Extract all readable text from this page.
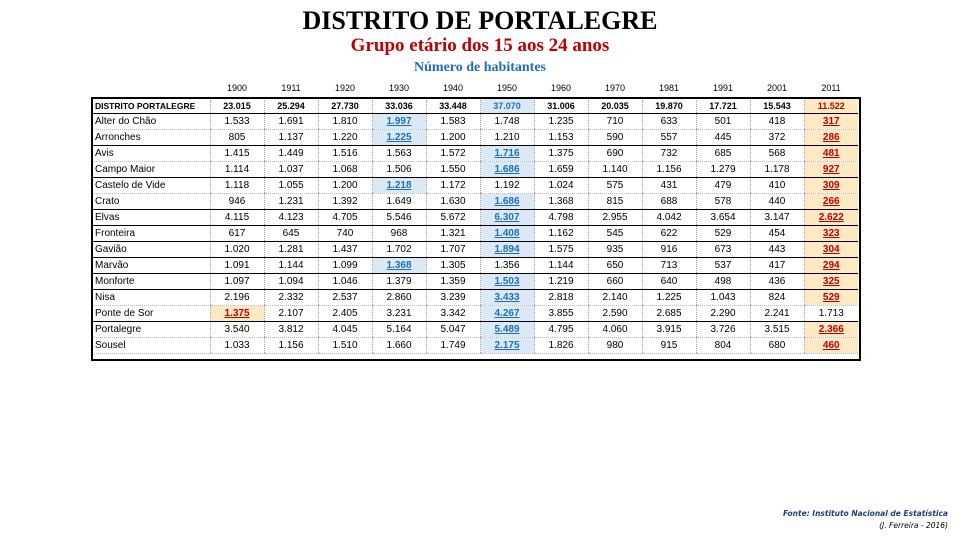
DISTRITO DE PORTALEGRE
Grupo etário dos 15 aos 24 anos
Número de habitantes
1900	1911	1920	1930	1940	1950	1960	1970	1981	1991	2001	2011
DISTRITO PORTALEGRE	23.015	25.294	27.730	33.036	33.448	37.070	31.006	20.035	19.870	17.721	15.543	11.522
Alter do Chão	1.533	1.691	1.810	1.997	1.583	1.748	1.235	710	633	501	418	317
Arronches	805	1.137	1.220	1.225	1.200	1.210	1.153	590	557	445	372	286
Avis	1.415	1.449	1.516	1.563	1.572	1.716	1.375	690	732	685	568	481
Campo Maior	1.114	1.037	1.068	1.506	1.550	1.686	1.659	1.140	1.156	1.279	1.178	927
Castelo de Vide	1.118	1.055	1.200	1.218	1.172	1.192	1.024	575	431	479	410	309
Crato	946	1.231	1.392	1.649	1.630	1.686	1.368	815	688	578	440	266
Elvas	4.115	4.123	4.705	5.546	5.672	6.307	4.798	2.955	4.042	3.654	3.147	2.622
Fronteira	617	645	740	968	1.321	1.408	1.162	545	622	529	454	323
Gavião	1.020	1.281	1.437	1.702	1.707	1.894	1.575	935	916	673	443	304
Marvão	1.091	1.144	1.099	1.368	1.305	1.356	1.144	650	713	537	417	294
Monforte	1.097	1.094	1.046	1.379	1.359	1.503	1.219	660	640	498	436	325
Nisa	2.196	2.332	2.537	2.860	3.239	3.433	2.818	2.140	1.225	1.043	824	529
Ponte de Sor	1.375	2.107	2.405	3.231	3.342	4.267	3.855	2.590	2.685	2.290	2.241	1.713
Portalegre	3.540	3.812	4.045	5.164	5.047	5.489	4.795	4.060	3.915	3.726	3.515	2.366
Sousel	1.033	1.156	1.510	1.660	1.749	2.175	1.826	980	915	804	680	460
Fonte: Instituto Nacional de Estatística
(J. Ferreira - 2016)
